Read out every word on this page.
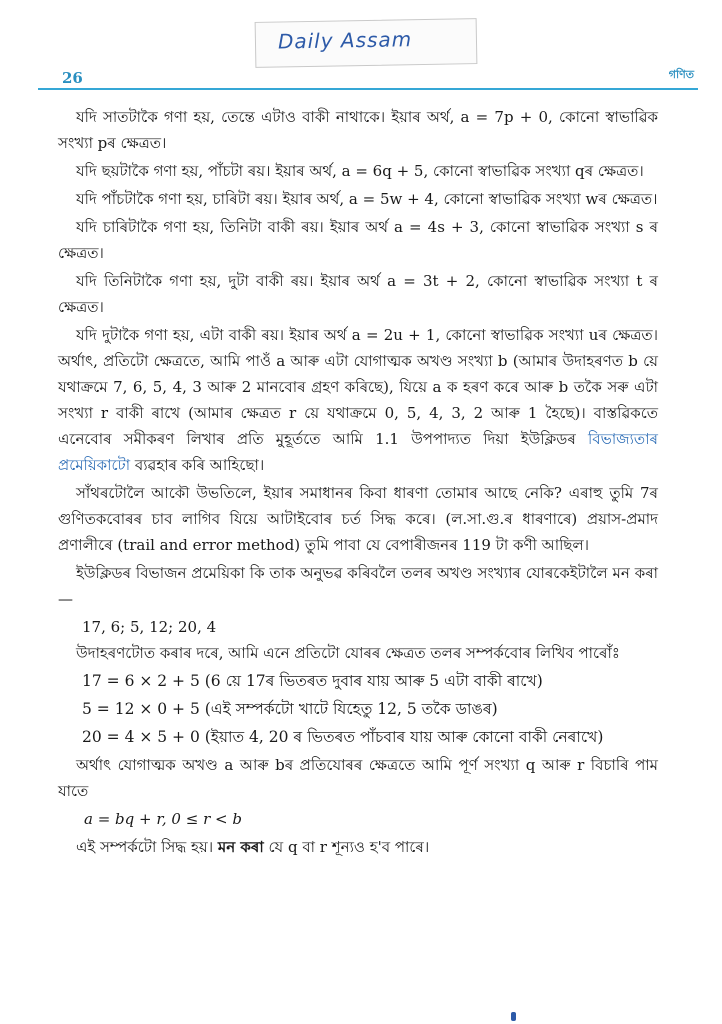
Daily Assam
26	গণিত

যদি সাতটাকৈ গণা হয়, তেন্তে এটাও বাকী নাথাকে। ইয়াৰ অৰ্থ, a = 7p + 0, কোনো স্বাভাৱিক সংখ্যা pৰ ক্ষেত্ৰত।

যদি ছয়টাকৈ গণা হয়, পাঁচটা ৰয়। ইয়াৰ অৰ্থ, a = 6q + 5, কোনো স্বাভাৱিক সংখ্যা qৰ ক্ষেত্ৰত।

যদি পাঁচটাকৈ গণা হয়, চাৰিটা ৰয়। ইয়াৰ অৰ্থ, a = 5w + 4, কোনো স্বাভাৱিক সংখ্যা wৰ ক্ষেত্ৰত।

যদি চাৰিটাকৈ গণা হয়, তিনিটা বাকী ৰয়। ইয়াৰ অৰ্থ a = 4s + 3, কোনো স্বাভাৱিক সংখ্যা s ৰ ক্ষেত্ৰত।

যদি তিনিটাকৈ গণা হয়, দুটা বাকী ৰয়। ইয়াৰ অৰ্থ a = 3t + 2, কোনো স্বাভাৱিক সংখ্যা t ৰ ক্ষেত্ৰত।

যদি দুটাকৈ গণা হয়, এটা বাকী ৰয়। ইয়াৰ অৰ্থ a = 2u + 1, কোনো স্বাভাৱিক সংখ্যা uৰ ক্ষেত্ৰত। অৰ্থাৎ, প্ৰতিটো ক্ষেত্ৰতে, আমি পাওঁ a আৰু এটা যোগাত্মক অখণ্ড সংখ্যা b (আমাৰ উদাহৰণত b য়ে যথাক্ৰমে 7, 6, 5, 4, 3 আৰু 2 মানবোৰ গ্ৰহণ কৰিছে), যিয়ে a ক হৰণ কৰে আৰু b তকৈ সৰু এটা সংখ্যা r বাকী ৰাখে (আমাৰ ক্ষেত্ৰত r য়ে যথাক্ৰমে 0, 5, 4, 3, 2 আৰু 1 হৈছে)। বাস্তৱিকতে এনেবোৰ সমীকৰণ লিখাৰ প্ৰতি মুহূৰ্ততে আমি 1.1 উপপাদ্যত দিয়া ইউক্লিডৰ বিভাজ্যতাৰ প্ৰমেয়িকাটো ব্যৱহাৰ কৰি আহিছো।

সাঁথৰটোলৈ আকৌ উভতিলে, ইয়াৰ সমাধানৰ কিবা ধাৰণা তোমাৰ আছে নেকি? এৰাহু তুমি 7ৰ গুণিতকবোৰৰ চাব লাগিব যিয়ে আটাইবোৰ চৰ্ত সিদ্ধ কৰে। (ল.সা.গু.ৰ ধাৰণাৰে) প্ৰয়াস-প্ৰমাদ প্ৰণালীৰে (trail and error method) তুমি পাবা যে বেপাৰীজনৰ 119 টা কণী আছিল।

ইউক্লিডৰ বিভাজন প্ৰমেয়িকা কি তাক অনুভৱ কৰিবলৈ তলৰ অখণ্ড সংখ্যাৰ যোৰকেইটালৈ মন কৰা—

17, 6; 5, 12; 20, 4

উদাহৰণটোত কৰাৰ দৰে, আমি এনে প্ৰতিটো যোৰৰ ক্ষেত্ৰত তলৰ সম্পৰ্কবোৰ লিখিব পাৰোঁঃ

17 = 6 × 2 + 5 (6 য়ে 17ৰ ভিতৰত দুবাৰ যায় আৰু 5 এটা বাকী ৰাখে)

5 = 12 × 0 + 5 (এই সম্পৰ্কটো খাটে যিহেতু 12, 5 তকৈ ডাঙৰ)

20 = 4 × 5 + 0 (ইয়াত 4, 20 ৰ ভিতৰত পাঁচবাৰ যায় আৰু কোনো বাকী নেৰাখে)

অৰ্থাৎ যোগাত্মক অখণ্ড a আৰু bৰ প্ৰতিযোৰৰ ক্ষেত্ৰতে আমি পূৰ্ণ সংখ্যা q আৰু r বিচাৰি পাম যাতে

a = bq + r, 0 ≤ r < b

এই সম্পৰ্কটো সিদ্ধ হয়। মন কৰা যে q বা r শূন্যও হ'ব পাৰে।
